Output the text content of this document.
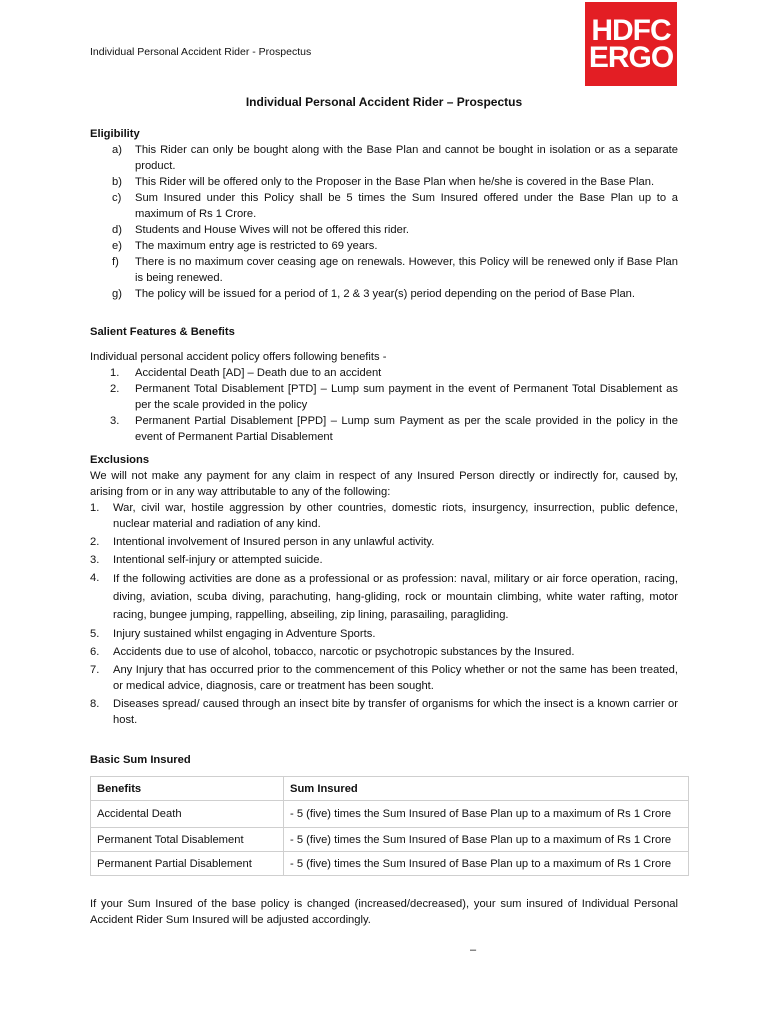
Individual Personal Accident Rider - Prospectus
HDFC
ERGO
Individual Personal Accident Rider – Prospectus
Eligibility
a)	This Rider can only be bought along with the Base Plan and cannot be bought in isolation or as a separate product.
b)	This Rider will be offered only to the Proposer in the Base Plan when he/she is covered in the Base Plan.
c)	Sum Insured under this Policy shall be 5 times the Sum Insured offered under the Base Plan up to a maximum of Rs 1 Crore.
d)	Students and House Wives will not be offered this rider.
e)	The maximum entry age is restricted to 69 years.
f)	There is no maximum cover ceasing age on renewals. However, this Policy will be renewed only if Base Plan is being renewed.
g)	The policy will be issued for a period of 1, 2 & 3 year(s) period depending on the period of Base Plan.
Salient Features & Benefits

Individual personal accident policy offers following benefits -

1.	Accidental Death [AD] – Death due to an accident
2.	Permanent Total Disablement [PTD] – Lump sum payment in the event of Permanent Total Disablement as per the scale provided in the policy
3.	Permanent Partial Disablement [PPD] – Lump sum Payment as per the scale provided in the policy in the event of Permanent Partial Disablement
Exclusions

We will not make any payment for any claim in respect of any Insured Person directly or indirectly for, caused by, arising from or in any way attributable to any of the following:

1.	War, civil war, hostile aggression by other countries, domestic riots, insurgency, insurrection, public defence, nuclear material and radiation of any kind.
2.	Intentional involvement of Insured person in any unlawful activity.
3.	Intentional self-injury or attempted suicide.
4.	If the following activities are done as a professional or as profession: naval, military or air force operation, racing, diving, aviation, scuba diving, parachuting, hang-gliding, rock or mountain climbing, white water rafting, motor racing, bungee jumping, rappelling, abseiling, zip lining, parasailing, paragliding.
5.	Injury sustained whilst engaging in Adventure Sports.
6.	Accidents due to use of alcohol, tobacco, narcotic or psychotropic substances by the Insured.
7.	Any Injury that has occurred prior to the commencement of this Policy whether or not the same has been treated, or medical advice, diagnosis, care or treatment has been sought.
8.	Diseases spread/ caused through an insect bite by transfer of organisms for which the insect is a known carrier or host.
Basic Sum Insured
Benefits	Sum Insured
Accidental Death	- 5 (five) times the Sum Insured of Base Plan up to a maximum of Rs 1 Crore
Permanent Total Disablement	- 5 (five) times the Sum Insured of Base Plan up to a maximum of Rs 1 Crore
Permanent Partial Disablement	- 5 (five) times the Sum Insured of Base Plan up to a maximum of Rs 1 Crore

If your Sum Insured of the base policy is changed (increased/decreased), your sum insured of Individual Personal Accident Rider Sum Insured will be adjusted accordingly.

–
